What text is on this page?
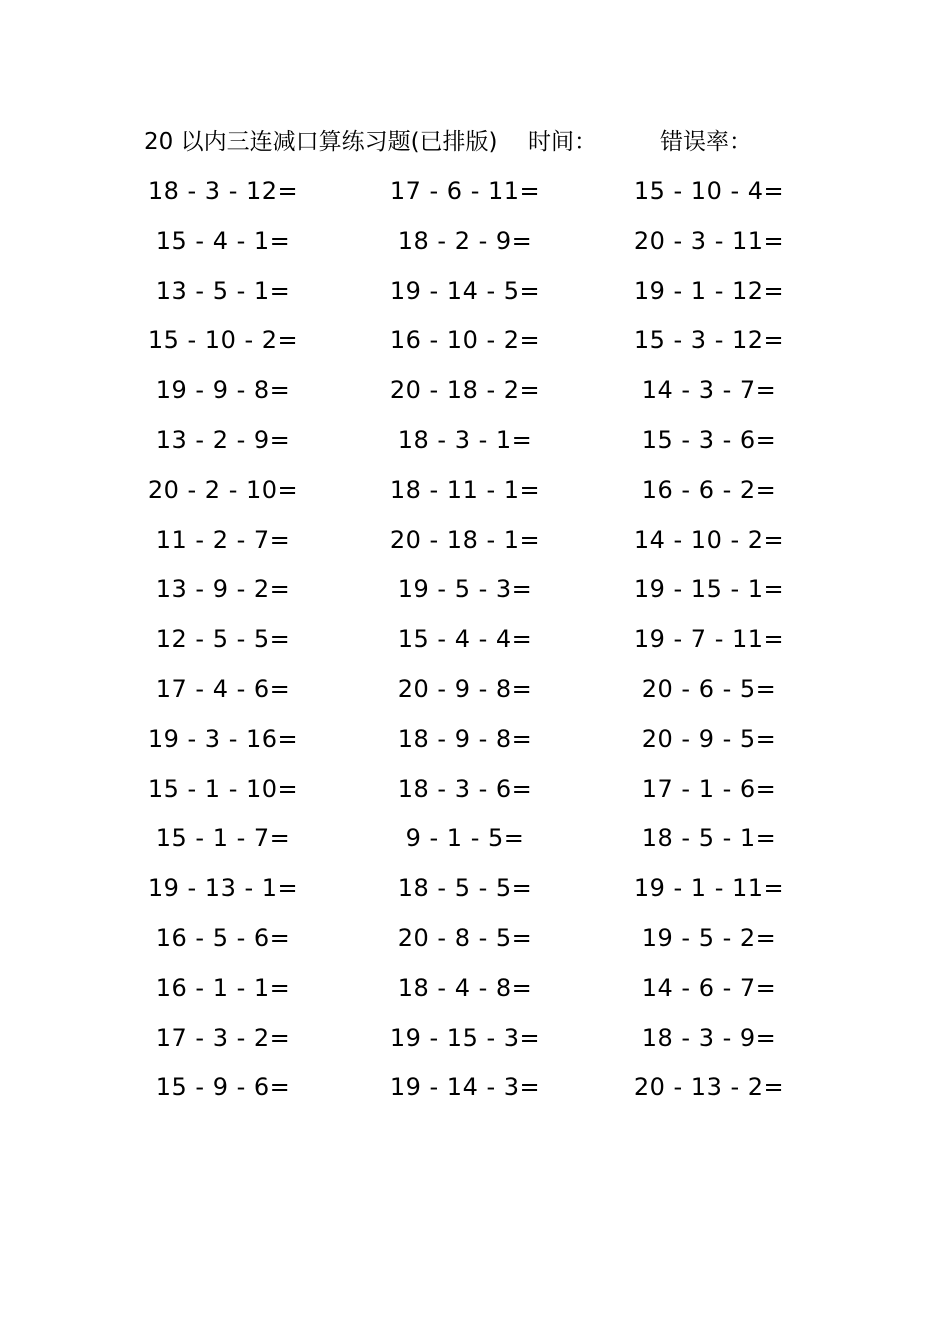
20 以内三连减口算练习题(已排版) 时间：	错误率：
18 - 3 - 12=	17 - 6 - 11=	15 - 10 - 4=
15 - 4 - 1=	18 - 2 - 9=	20 - 3 - 11=
13 - 5 - 1=	19 - 14 - 5=	19 - 1 - 12=
15 - 10 - 2=	16 - 10 - 2=	15 - 3 - 12=
19 - 9 - 8=	20 - 18 - 2=	14 - 3 - 7=
13 - 2 - 9=	18 - 3 - 1=	15 - 3 - 6=
20 - 2 - 10=	18 - 11 - 1=	16 - 6 - 2=
11 - 2 - 7=	20 - 18 - 1=	14 - 10 - 2=
13 - 9 - 2=	19 - 5 - 3=	19 - 15 - 1=
12 - 5 - 5=	15 - 4 - 4=	19 - 7 - 11=
17 - 4 - 6=	20 - 9 - 8=	20 - 6 - 5=
19 - 3 - 16=	18 - 9 - 8=	20 - 9 - 5=
15 - 1 - 10=	18 - 3 - 6=	17 - 1 - 6=
15 - 1 - 7=	9 - 1 - 5=	18 - 5 - 1=
19 - 13 - 1=	18 - 5 - 5=	19 - 1 - 11=
16 - 5 - 6=	20 - 8 - 5=	19 - 5 - 2=
16 - 1 - 1=	18 - 4 - 8=	14 - 6 - 7=
17 - 3 - 2=	19 - 15 - 3=	18 - 3 - 9=
15 - 9 - 6=	19 - 14 - 3=	20 - 13 - 2=
